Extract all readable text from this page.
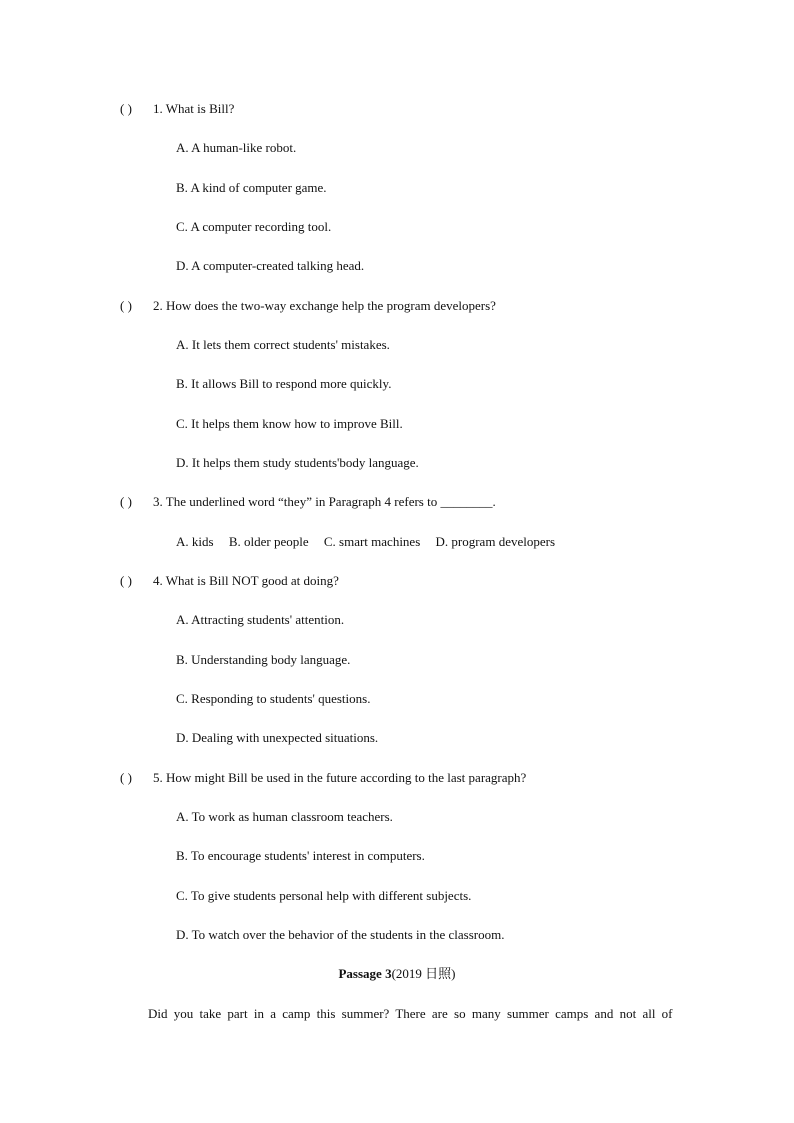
( ) 1. What is Bill?
A. A human-like robot.
B. A kind of computer game.
C. A computer recording tool.
D. A computer-created talking head.
( ) 2. How does the two-way exchange help the program developers?
A. It lets them correct students' mistakes.
B. It allows Bill to respond more quickly.
C. It helps them know how to improve Bill.
D. It helps them study students'body language.
( ) 3. The underlined word “they” in Paragraph 4 refers to ________.
A. kids B. older people C. smart machines D. program developers
( ) 4. What is Bill NOT good at doing?
A. Attracting students' attention.
B. Understanding body language.
C. Responding to students' questions.
D. Dealing with unexpected situations.
( ) 5. How might Bill be used in the future according to the last paragraph?
A. To work as human classroom teachers.
B. To encourage students' interest in computers.
C. To give students personal help with different subjects.
D. To watch over the behavior of the students in the classroom.
Passage 3(2019 日照)
Did you take part in a camp this summer? There are so many summer camps and not all of
